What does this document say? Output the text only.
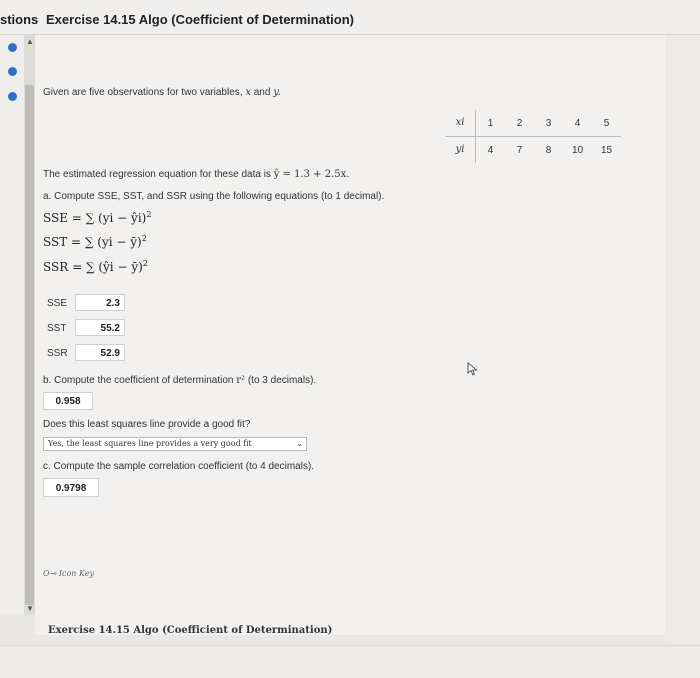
stions Exercise 14.15 Algo (Coefficient of Determination)
▲
▼
Given are five observations for two variables, x and y.
xi	1	2	3	4	5
yi	4	7	8	10	15
The estimated regression equation for these data is ŷ = 1.3 + 2.5x.
a. Compute SSE, SST, and SSR using the following equations (to 1 decimal).
SSE = ∑ (yi − ŷi)$^2$
SST = ∑ (yi − ȳ)$^2$
SSR = ∑ (ŷi − ȳ)$^2$
SSE	2.3
SST	55.2
SSR	52.9
b. Compute the coefficient of determination r² (to 3 decimals).
0.958
Does this least squares line provide a good fit?
Yes, the least squares line provides a very good fit	⌄
c. Compute the sample correlation coefficient (to 4 decimals).
0.9798
O⊸ Icon Key
Exercise 14.15 Algo (Coefficient of Determination)
